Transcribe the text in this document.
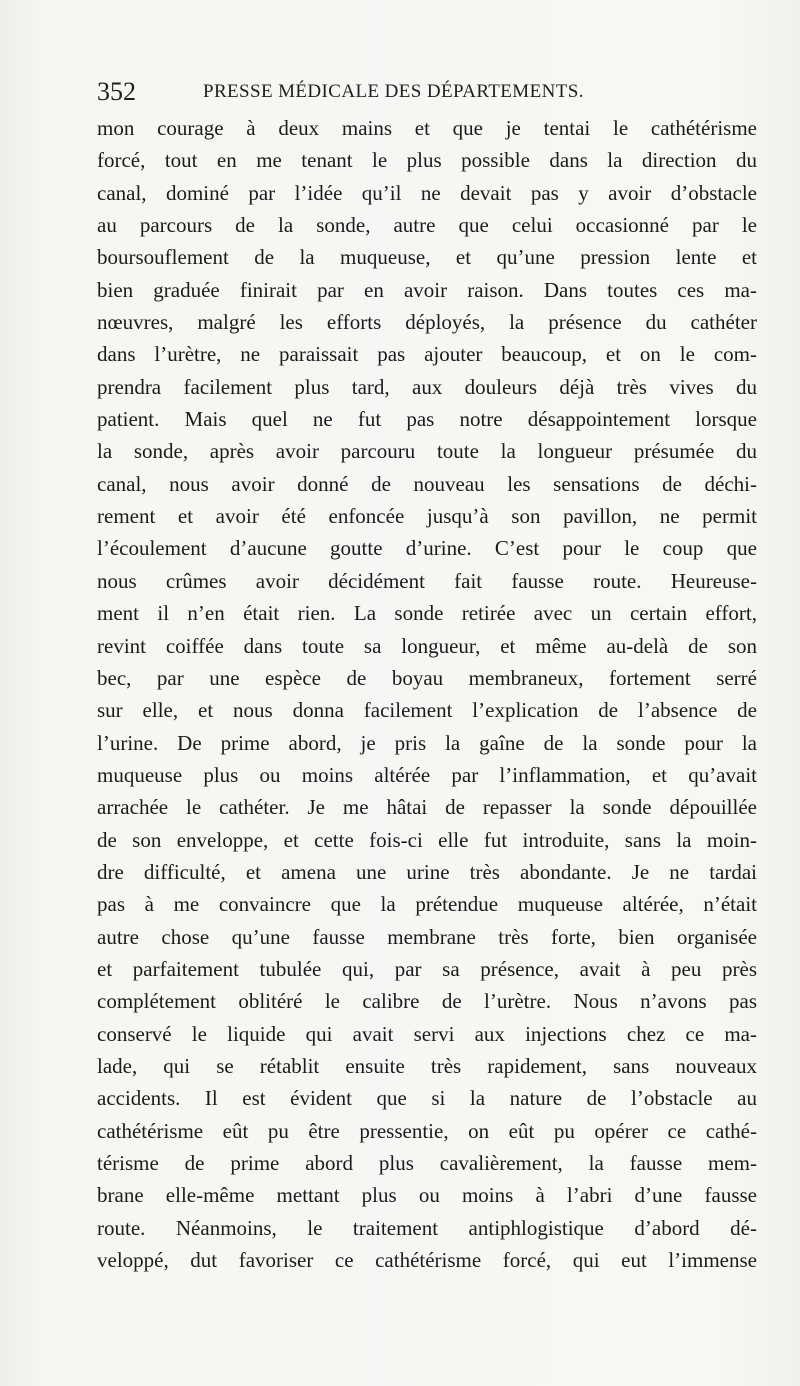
352	PRESSE MÉDICALE DES DÉPARTEMENTS.
mon courage à deux mains et que je tentai le cathétérisme
forcé, tout en me tenant le plus possible dans la direction du
canal, dominé par l’idée qu’il ne devait pas y avoir d’obstacle
au parcours de la sonde, autre que celui occasionné par le
boursouflement de la muqueuse, et qu’une pression lente et
bien graduée finirait par en avoir raison. Dans toutes ces ma-
nœuvres, malgré les efforts déployés, la présence du cathéter
dans l’urètre, ne paraissait pas ajouter beaucoup, et on le com-
prendra facilement plus tard, aux douleurs déjà très vives du
patient. Mais quel ne fut pas notre désappointement lorsque
la sonde, après avoir parcouru toute la longueur présumée du
canal, nous avoir donné de nouveau les sensations de déchi-
rement et avoir été enfoncée jusqu’à son pavillon, ne permit
l’écoulement d’aucune goutte d’urine. C’est pour le coup que
nous crûmes avoir décidément fait fausse route. Heureuse-
ment il n’en était rien. La sonde retirée avec un certain effort,
revint coiffée dans toute sa longueur, et même au-delà de son
bec, par une espèce de boyau membraneux, fortement serré
sur elle, et nous donna facilement l’explication de l’absence de
l’urine. De prime abord, je pris la gaîne de la sonde pour la
muqueuse plus ou moins altérée par l’inflammation, et qu’avait
arrachée le cathéter. Je me hâtai de repasser la sonde dépouillée
de son enveloppe, et cette fois-ci elle fut introduite, sans la moin-
dre difficulté, et amena une urine très abondante. Je ne tardai
pas à me convaincre que la prétendue muqueuse altérée, n’était
autre chose qu’une fausse membrane très forte, bien organisée
et parfaitement tubulée qui, par sa présence, avait à peu près
complétement oblitéré le calibre de l’urètre. Nous n’avons pas
conservé le liquide qui avait servi aux injections chez ce ma-
lade, qui se rétablit ensuite très rapidement, sans nouveaux
accidents. Il est évident que si la nature de l’obstacle au
cathétérisme eût pu être pressentie, on eût pu opérer ce cathé-
térisme de prime abord plus cavalièrement, la fausse mem-
brane elle-même mettant plus ou moins à l’abri d’une fausse
route. Néanmoins, le traitement antiphlogistique d’abord dé-
veloppé, dut favoriser ce cathétérisme forcé, qui eut l’immense
